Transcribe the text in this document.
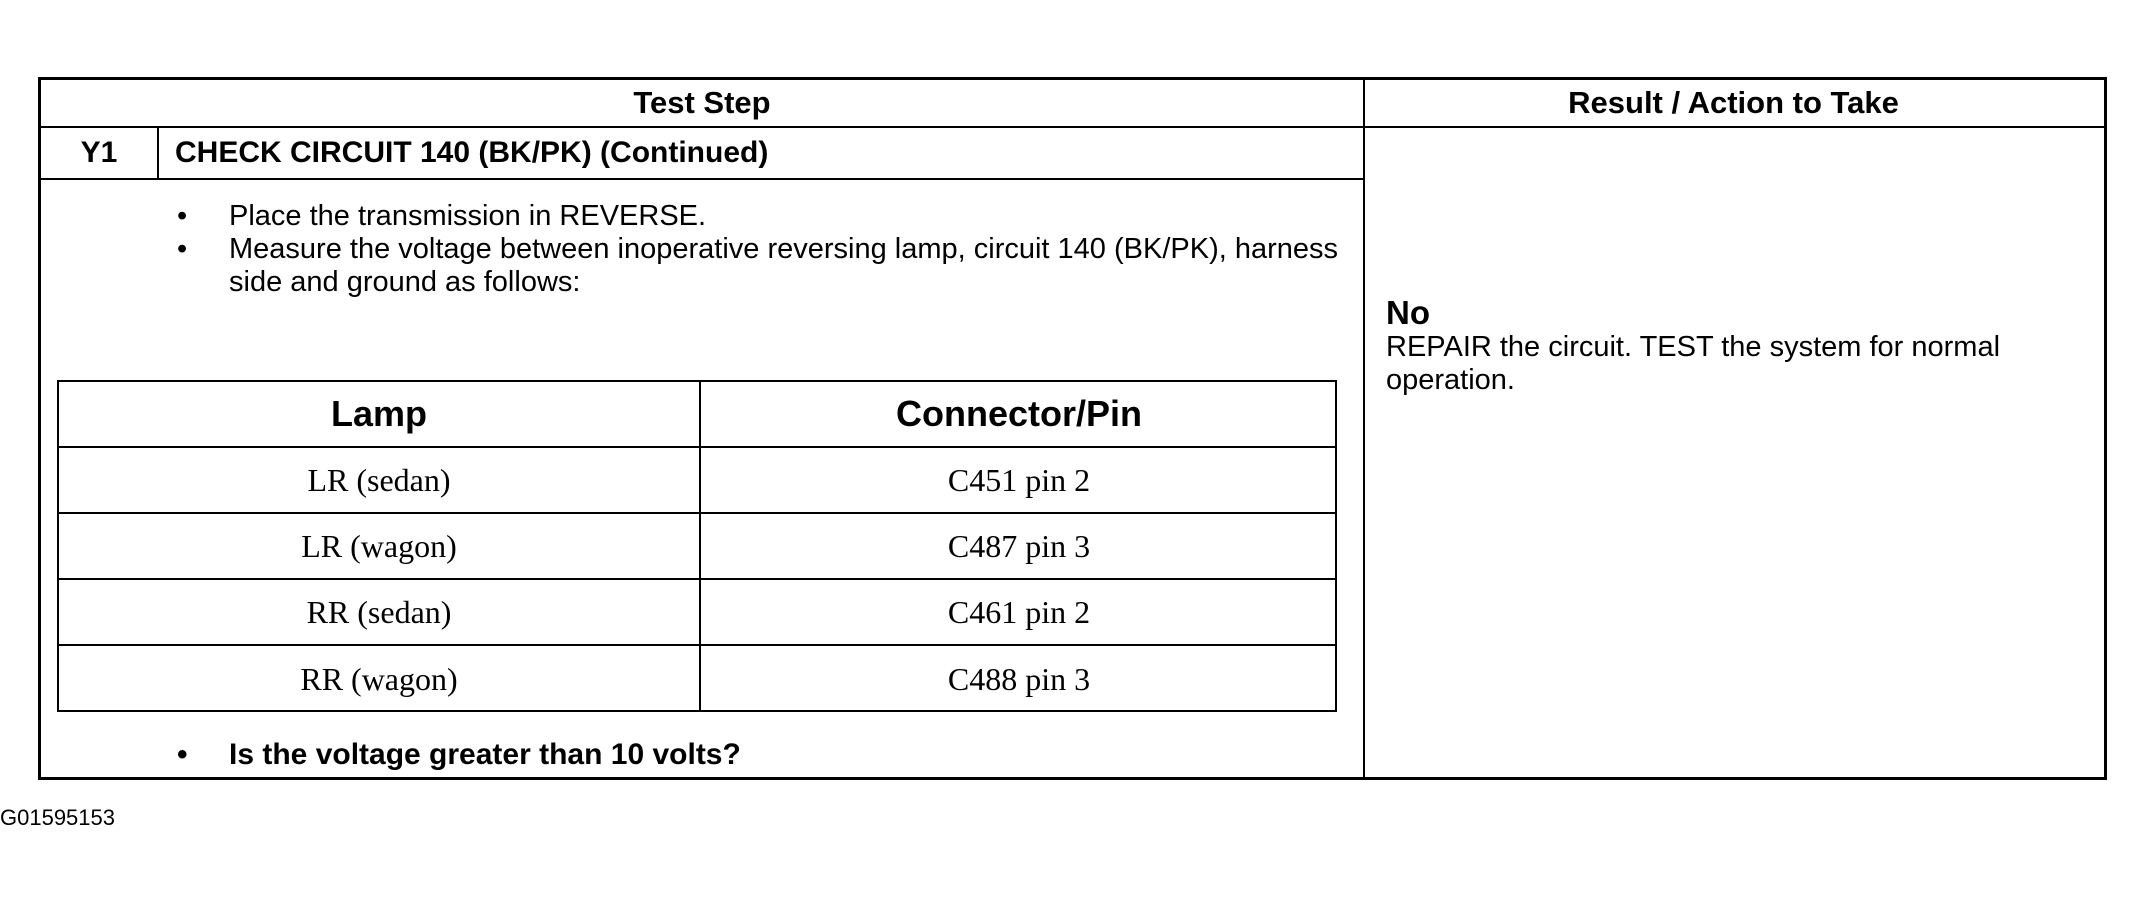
Test Step	Result / Action to Take
Y1	CHECK CIRCUIT 140 (BK/PK) (Continued)
• Place the transmission in REVERSE.
• Measure the voltage between inoperative reversing lamp, circuit 140 (BK/PK), harness side and ground as follows:
Lamp	Connector/Pin
LR (sedan)	C451 pin 2
LR (wagon)	C487 pin 3
RR (sedan)	C461 pin 2
RR (wagon)	C488 pin 3
• Is the voltage greater than 10 volts?
No
REPAIR the circuit. TEST the system for normal operation.
G01595153
